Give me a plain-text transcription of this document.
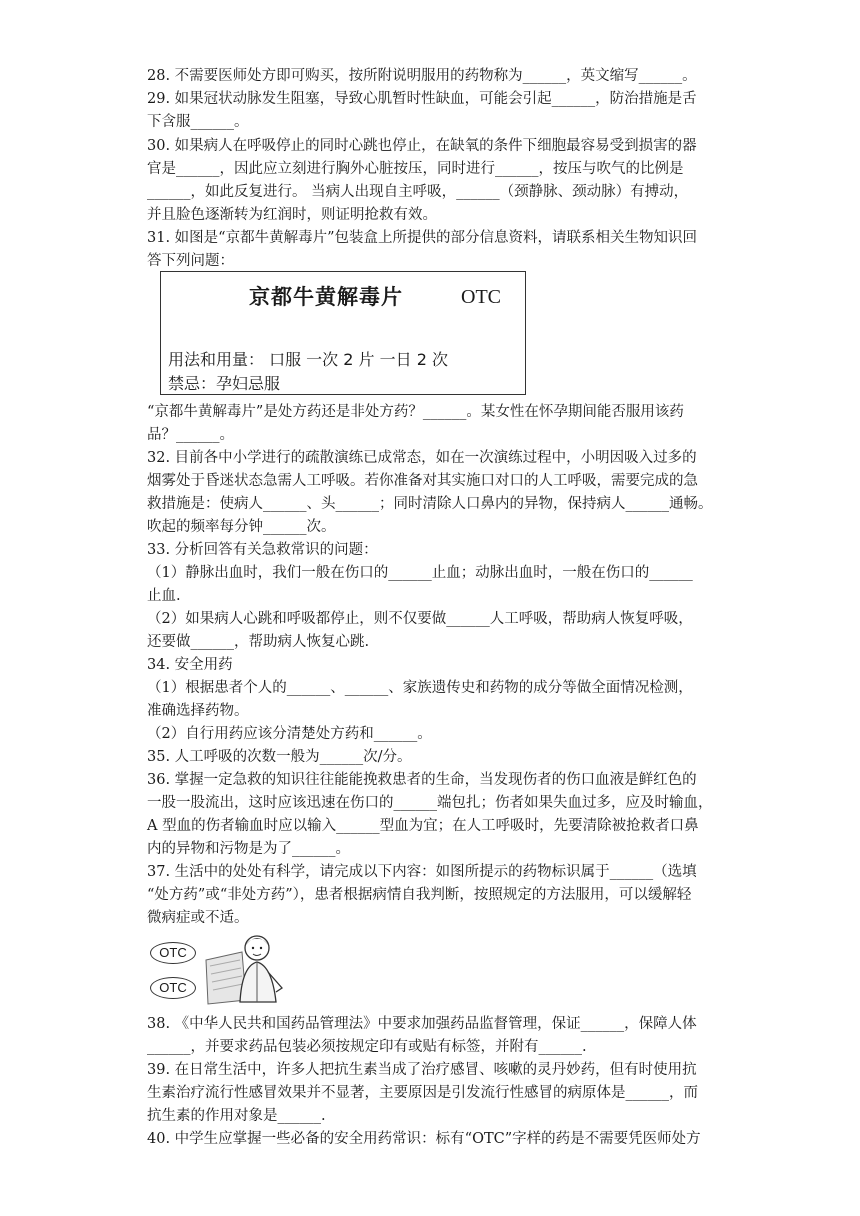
28. 不需要医师处方即可购买，按所附说明服用的药物称为______，英文缩写______。
29. 如果冠状动脉发生阻塞，导致心肌暂时性缺血，可能会引起______，防治措施是舌
下含服______。
30. 如果病人在呼吸停止的同时心跳也停止，在缺氧的条件下细胞最容易受到损害的器
官是______，因此应立刻进行胸外心脏按压，同时进行______，按压与吹气的比例是
______，如此反复进行。 当病人出现自主呼吸，______（颈静脉、颈动脉）有搏动，
并且脸色逐渐转为红润时，则证明抢救有效。
31. 如图是“京都牛黄解毒片”包装盒上所提供的部分信息资料，请联系相关生物知识回
答下列问题：
京都牛黄解毒片	OTC
用法和用量： 口服 一次 2 片 一日 2 次
禁忌：孕妇忌服
“京都牛黄解毒片”是处方药还是非处方药？______。某女性在怀孕期间能否服用该药
品？______。
32. 目前各中小学进行的疏散演练已成常态，如在一次演练过程中，小明因吸入过多的
烟雾处于昏迷状态急需人工呼吸。若你准备对其实施口对口的人工呼吸，需要完成的急
救措施是：使病人______、头______；同时清除人口鼻内的异物，保持病人______通畅。
吹起的频率每分钟______次。
33. 分析回答有关急救常识的问题：
（1）静脉出血时，我们一般在伤口的______止血；动脉出血时，一般在伤口的______
止血.
（2）如果病人心跳和呼吸都停止，则不仅要做______人工呼吸，帮助病人恢复呼吸，
还要做______，帮助病人恢复心跳.
34. 安全用药
（1）根据患者个人的______、______、家族遗传史和药物的成分等做全面情况检测，
准确选择药物。
（2）自行用药应该分清楚处方药和______。
35. 人工呼吸的次数一般为______次/分。
36. 掌握一定急救的知识往往能能挽救患者的生命，当发现伤者的伤口血液是鲜红色的
一股一股流出，这时应该迅速在伤口的______端包扎；伤者如果失血过多，应及时输血，
A 型血的伤者输血时应以输入______型血为宜；在人工呼吸时，先要清除被抢救者口鼻
内的异物和污物是为了______。
37. 生活中的处处有科学，请完成以下内容：如图所提示的药物标识属于______（选填
“处方药”或“非处方药”），患者根据病情自我判断，按照规定的方法服用，可以缓解轻
微病症或不适。
OTC
OTC
38. 《中华人民共和国药品管理法》中要求加强药品监督管理，保证______，保障人体
______，并要求药品包装必须按规定印有或贴有标签，并附有______.
39. 在日常生活中，许多人把抗生素当成了治疗感冒、咳嗽的灵丹妙药，但有时使用抗
生素治疗流行性感冒效果并不显著，主要原因是引发流行性感冒的病原体是______，而
抗生素的作用对象是______.
40. 中学生应掌握一些必备的安全用药常识：标有“OTC”字样的药是不需要凭医师处方
